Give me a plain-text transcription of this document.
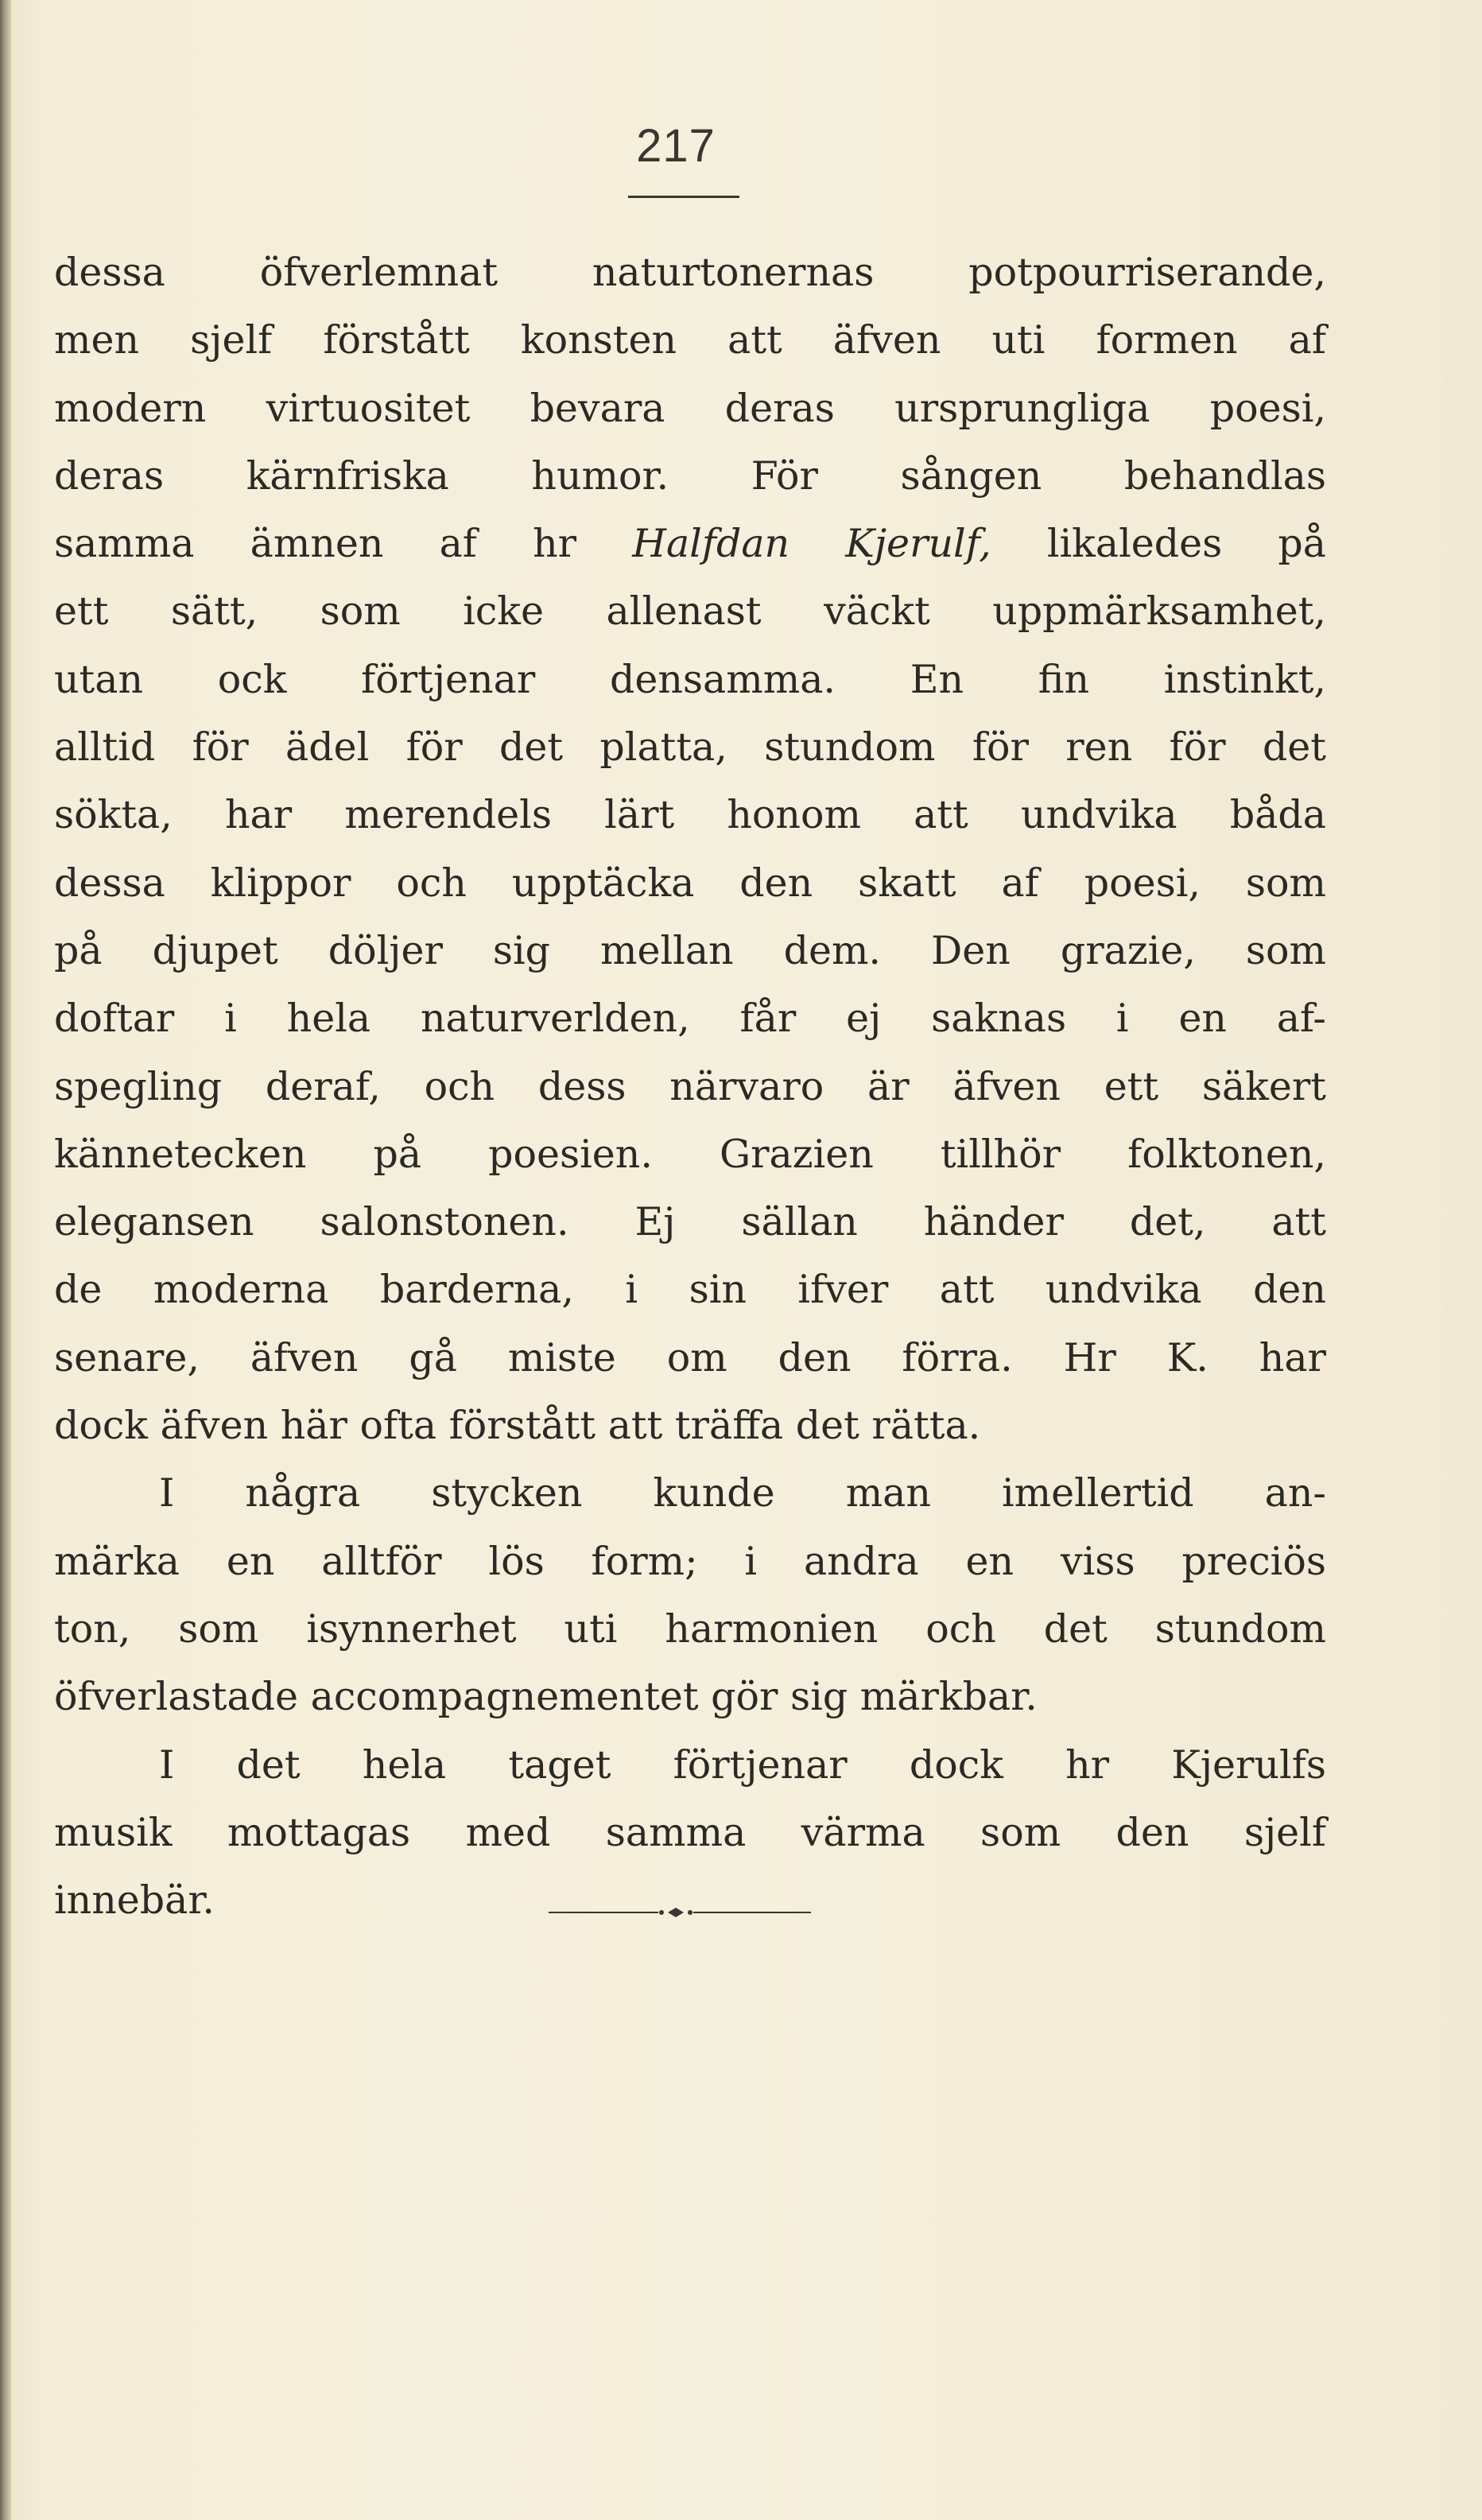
217
dessa öfverlemnat naturtonernas potpourriserande,
men sjelf förstått konsten att äfven uti formen af
modern virtuositet bevara deras ursprungliga poesi,
deras kärnfriska humor. För sången behandlas
samma ämnen af hr Halfdan Kjerulf, likaledes på
ett sätt, som icke allenast väckt uppmärksamhet,
utan ock förtjenar densamma. En fin instinkt,
alltid för ädel för det platta, stundom för ren för det
sökta, har merendels lärt honom att undvika båda
dessa klippor och upptäcka den skatt af poesi, som
på djupet döljer sig mellan dem. Den grazie, som
doftar i hela naturverlden, får ej saknas i en af-
spegling deraf, och dess närvaro är äfven ett säkert
kännetecken på poesien. Grazien tillhör folktonen,
elegansen salonstonen. Ej sällan händer det, att
de moderna barderna, i sin ifver att undvika den
senare, äfven gå miste om den förra. Hr K. har
dock äfven här ofta förstått att träffa det rätta.
I några stycken kunde man imellertid an-
märka en alltför lös form; i andra en viss preciös
ton, som isynnerhet uti harmonien och det stundom
öfverlastade accompagnementet gör sig märkbar.
I det hela taget förtjenar dock hr Kjerulfs
musik mottagas med samma värma som den sjelf
innebär.
